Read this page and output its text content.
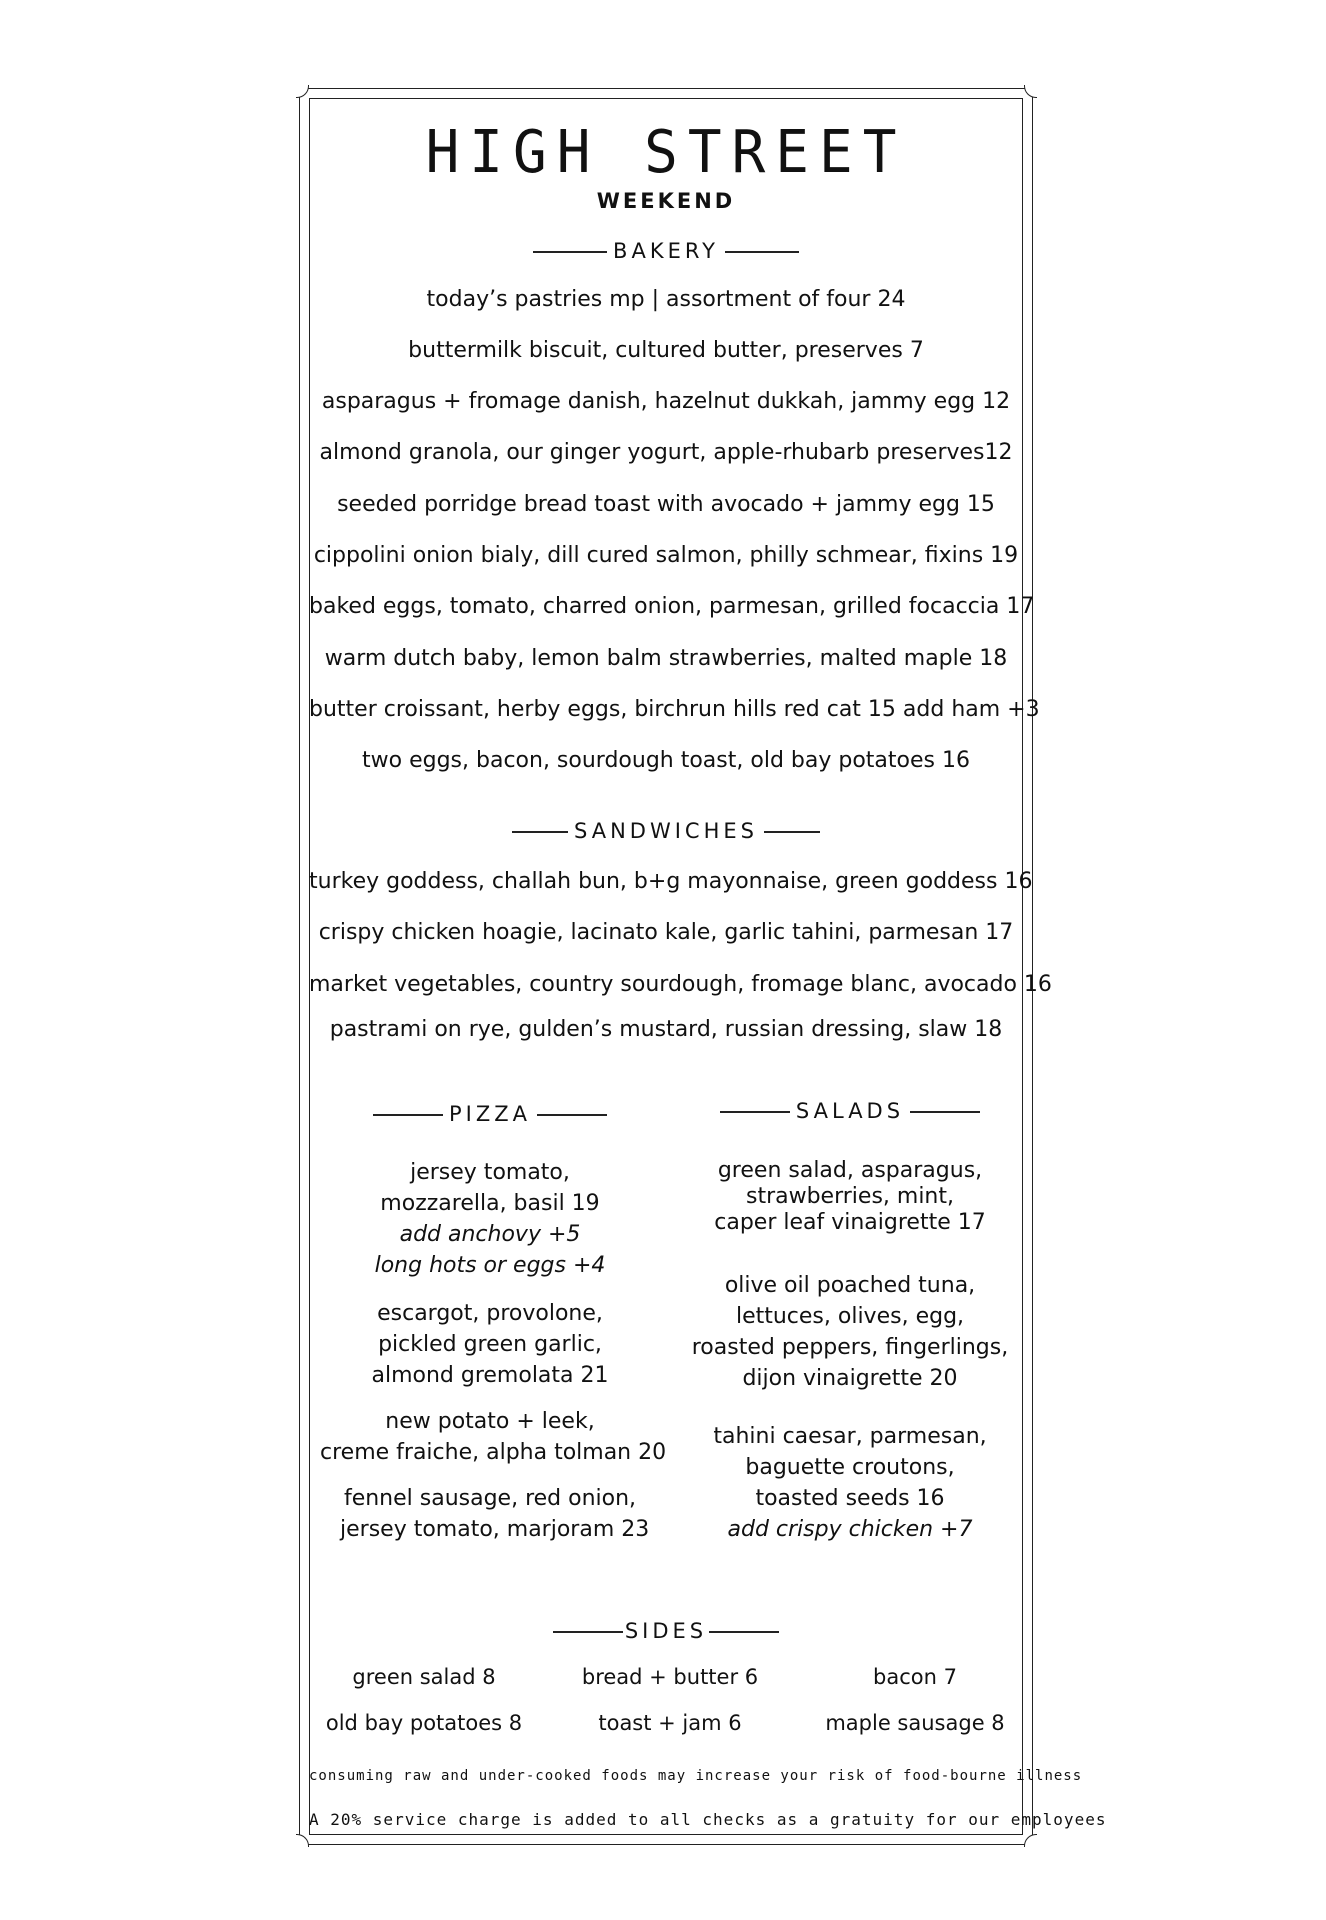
HIGH STREET
WEEKEND
BAKERY
today’s pastries mp | assortment of four 24
buttermilk biscuit, cultured butter, preserves 7
asparagus + fromage danish, hazelnut dukkah, jammy egg 12
almond granola, our ginger yogurt, apple-rhubarb preserves12
seeded porridge bread toast with avocado + jammy egg 15
cippolini onion bialy, dill cured salmon, philly schmear, fixins 19
baked eggs, tomato, charred onion, parmesan, grilled focaccia 17
warm dutch baby, lemon balm strawberries, malted maple 18
butter croissant, herby eggs, birchrun hills red cat 15 add ham +3
two eggs, bacon, sourdough toast, old bay potatoes 16
SANDWICHES
turkey goddess, challah bun, b+g mayonnaise, green goddess 16
crispy chicken hoagie, lacinato kale, garlic tahini, parmesan 17
market vegetables, country sourdough, fromage blanc, avocado 16
pastrami on rye, gulden’s mustard, russian dressing, slaw 18
PIZZA
jersey tomato,
mozzarella, basil 19
add anchovy +5
long hots or eggs +4
escargot, provolone,
pickled green garlic,
almond gremolata 21
new potato + leek,
creme fraiche, alpha tolman 20
fennel sausage, red onion,
jersey tomato, marjoram 23
SALADS
green salad, asparagus,
strawberries, mint,
caper leaf vinaigrette 17
olive oil poached tuna,
lettuces, olives, egg,
roasted peppers, fingerlings,
dijon vinaigrette 20
tahini caesar, parmesan,
baguette croutons,
toasted seeds 16
add crispy chicken +7
SIDES
green salad 8	bread + butter 6	bacon 7
old bay potatoes 8	toast + jam 6	maple sausage 8
consuming raw and under-cooked foods may increase your risk of food-bourne illness
A 20% service charge is added to all checks as a gratuity for our employees
